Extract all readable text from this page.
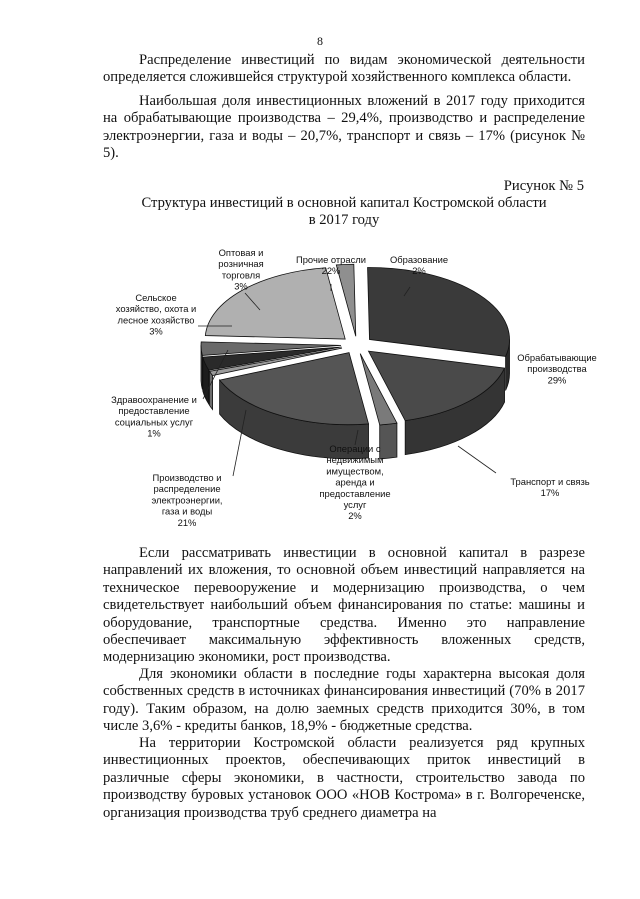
8

Распределение инвестиций по видам экономической деятельности определяется сложившейся структурой хозяйственного комплекса области.

Наибольшая доля инвестиционных вложений в 2017 году приходится на обрабатывающие производства – 29,4%, производство и распределение электроэнергии, газа и воды – 20,7%, транспорт и связь – 17% (рисунок № 5).

Рисунок № 5
Структура инвестиций в основной капитал Костромской области
в 2017 году
Образование 2%
Обрабатывающие производства 29%
Транспорт и связь 17%
Операции с недвижимым имуществом, аренда и предоставление услуг 2%
Производство и распределение электроэнергии, газа и воды 21%
Здравоохранение и предоставление социальных услуг 1%
Сельское хозяйство, охота и лесное хозяйство 3%
Оптовая и розничная торговля 3%
Прочие отрасли 22%

Если рассматривать инвестиции в основной капитал в разрезе направлений их вложения, то основной объем инвестиций направляется на техническое перевооружение и модернизацию производства, о чем свидетельствует наибольший объем финансирования по статье: машины и оборудование, транспортные средства. Именно это направление обеспечивает максимальную эффективность вложенных средств, модернизацию экономики, рост производства.

Для экономики области в последние годы характерна высокая доля собственных средств в источниках финансирования инвестиций (70% в 2017 году). Таким образом, на долю заемных средств приходится 30%, в том числе 3,6% - кредиты банков, 18,9% - бюджетные средства.

На территории Костромской области реализуется ряд крупных инвестиционных проектов, обеспечивающих приток инвестиций в различные сферы экономики, в частности, строительство завода по производству буровых установок ООО «НОВ Кострома» в г. Волгореченске, организация производства труб среднего диаметра на
